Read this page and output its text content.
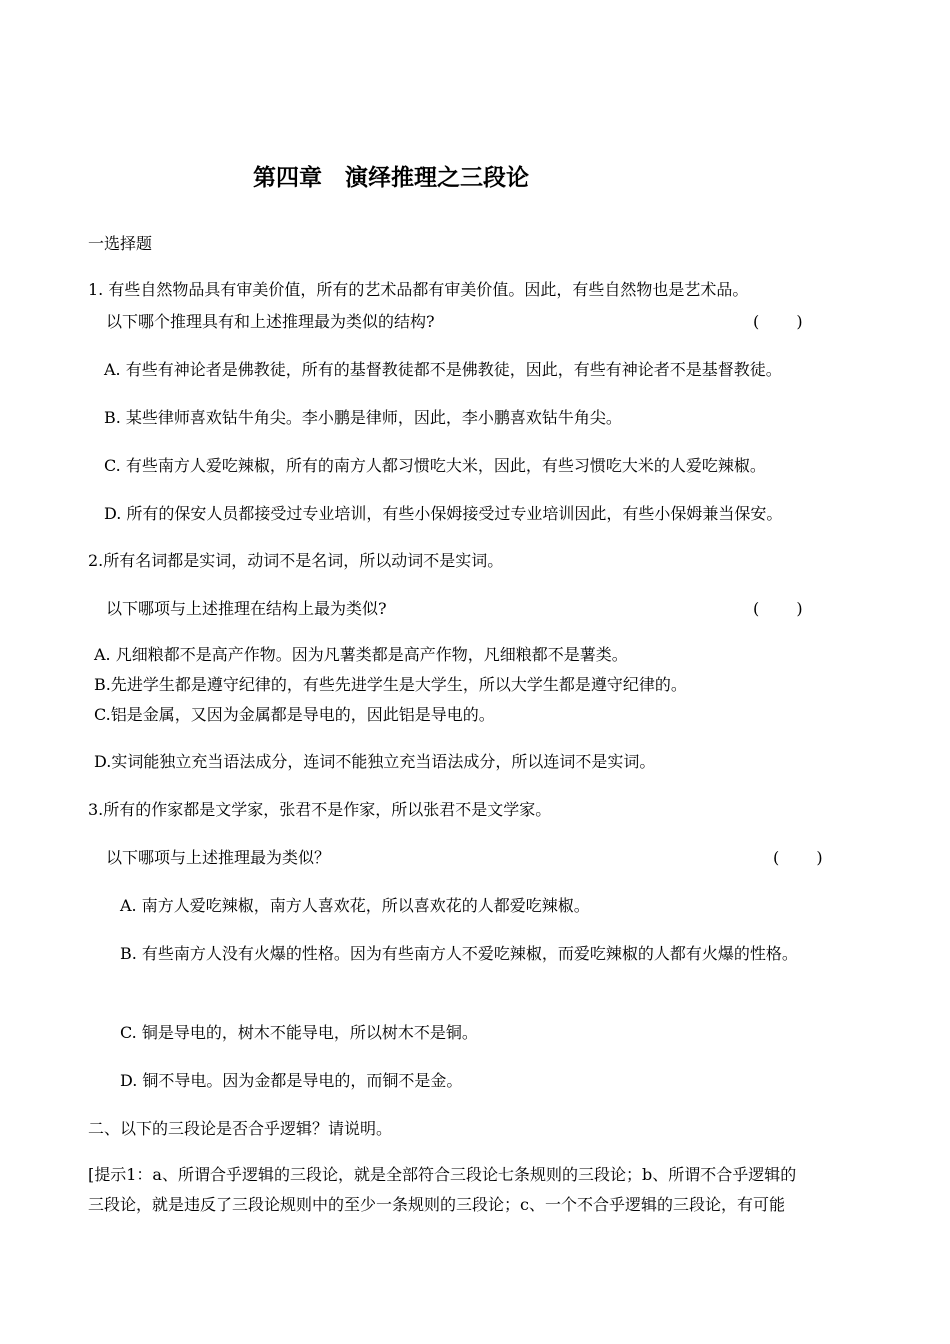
第四章　演绎推理之三段论
一选择题
1. 有些自然物品具有审美价值，所有的艺术品都有审美价值。因此，有些自然物也是艺术品。
以下哪个推理具有和上述推理最为类似的结构?	(　　 )
A. 有些有神论者是佛教徒，所有的基督教徒都不是佛教徒，因此，有些有神论者不是基督教徒。
B. 某些律师喜欢钻牛角尖。李小鹏是律师，因此，李小鹏喜欢钻牛角尖。
C. 有些南方人爱吃辣椒，所有的南方人都习惯吃大米，因此，有些习惯吃大米的人爱吃辣椒。
D. 所有的保安人员都接受过专业培训，有些小保姆接受过专业培训因此，有些小保姆兼当保安。
2.所有名词都是实词，动词不是名词，所以动词不是实词。
以下哪项与上述推理在结构上最为类似?	(　　 )
A. 凡细粮都不是高产作物。因为凡薯类都是高产作物，凡细粮都不是薯类。
B.先进学生都是遵守纪律的，有些先进学生是大学生，所以大学生都是遵守纪律的。
C.铝是金属，又因为金属都是导电的，因此铝是导电的。
D.实词能独立充当语法成分，连词不能独立充当语法成分，所以连词不是实词。
3.所有的作家都是文学家，张君不是作家，所以张君不是文学家。
以下哪项与上述推理最为类似？	(　　 )
A. 南方人爱吃辣椒，南方人喜欢花，所以喜欢花的人都爱吃辣椒。
B. 有些南方人没有火爆的性格。因为有些南方人不爱吃辣椒，而爱吃辣椒的人都有火爆的性格。
C. 铜是导电的，树木不能导电，所以树木不是铜。
D. 铜不导电。因为金都是导电的，而铜不是金。
二、以下的三段论是否合乎逻辑？请说明。
[提示1：a、所谓合乎逻辑的三段论，就是全部符合三段论七条规则的三段论；b、所谓不合乎逻辑的
三段论，就是违反了三段论规则中的至少一条规则的三段论；c、一个不合乎逻辑的三段论，有可能
